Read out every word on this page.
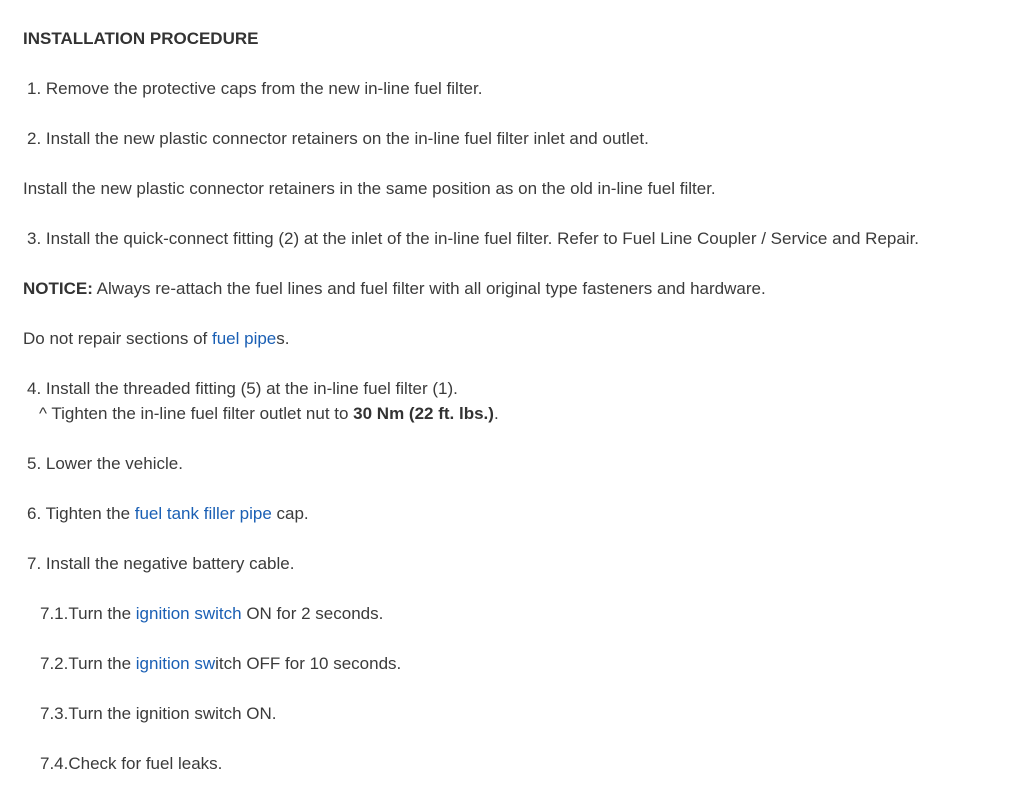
INSTALLATION PROCEDURE
1. Remove the protective caps from the new in-line fuel filter.
2. Install the new plastic connector retainers on the in-line fuel filter inlet and outlet.
Install the new plastic connector retainers in the same position as on the old in-line fuel filter.
3. Install the quick-connect fitting (2) at the inlet of the in-line fuel filter. Refer to Fuel Line Coupler / Service and Repair.
NOTICE: Always re-attach the fuel lines and fuel filter with all original type fasteners and hardware.
Do not repair sections of fuel pipes.
4. Install the threaded fitting (5) at the in-line fuel filter (1).
^ Tighten the in-line fuel filter outlet nut to 30 Nm (22 ft. lbs.).
5. Lower the vehicle.
6. Tighten the fuel tank filler pipe cap.
7. Install the negative battery cable.
7.1.Turn the ignition switch ON for 2 seconds.
7.2.Turn the ignition switch OFF for 10 seconds.
7.3.Turn the ignition switch ON.
7.4.Check for fuel leaks.
